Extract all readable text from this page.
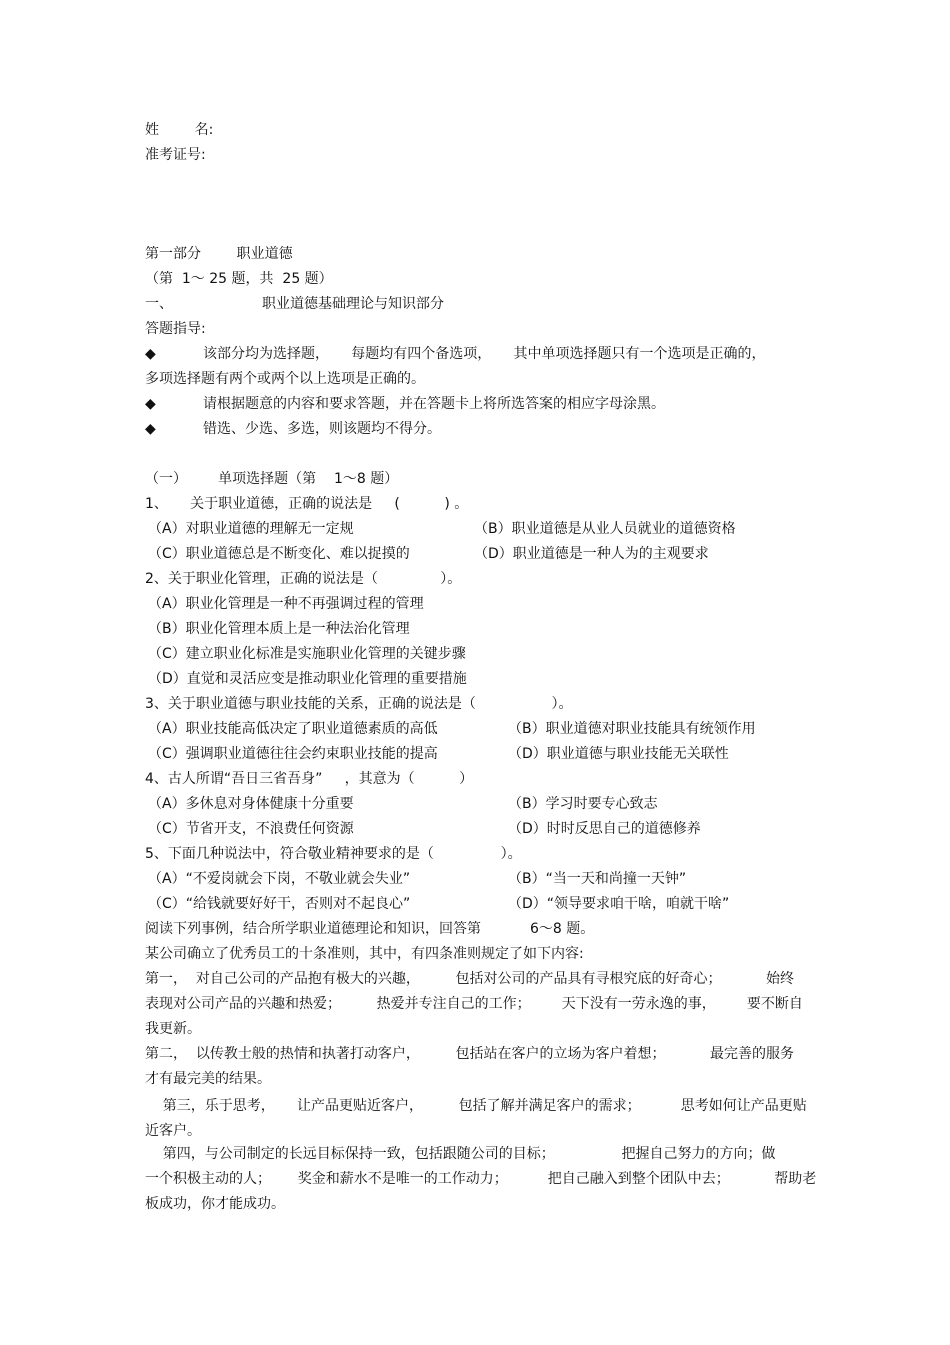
姓        名:
准考证号:
第一部分        职业道德
（第  1～ 25 题，共  25 题）
一、                    职业道德基础理论与知识部分
答题指导:
◆	该部分均为选择题，     每题均有四个备选项，     其中单项选择题只有一个选项是正确的，
多项选择题有两个或两个以上选项是正确的。
◆	请根据题意的内容和要求答题，并在答题卡上将所选答案的相应字母涂黑。
◆	错选、少选、多选，则该题均不得分。
（一）       单项选择题（第    1～8 题）
1、     关于职业道德，正确的说法是     (          ) 。
（A）对职业道德的理解无一定规	（B）职业道德是从业人员就业的道德资格
（C）职业道德总是不断变化、难以捉摸的	（D）职业道德是一种人为的主观要求
2、关于职业化管理，正确的说法是（              ）。
（A）职业化管理是一种不再强调过程的管理
（B）职业化管理本质上是一种法治化管理
（C）建立职业化标准是实施职业化管理的关键步骤
（D）直觉和灵活应变是推动职业化管理的重要措施
3、关于职业道德与职业技能的关系，正确的说法是（                 ）。
（A）职业技能高低决定了职业道德素质的高低	（B）职业道德对职业技能具有统领作用
（C）强调职业道德往往会约束职业技能的提高	（D）职业道德与职业技能无关联性
4、古人所谓“吾日三省吾身”     ，其意为（          ）
（A）多休息对身体健康十分重要	（B）学习时要专心致志
（C）节省开支，不浪费任何资源	（D）时时反思自己的道德修养
5、下面几种说法中，符合敬业精神要求的是（               ）。
（A）“不爱岗就会下岗，不敬业就会失业”	（B）“当一天和尚撞一天钟”
（C）“给钱就要好好干，否则对不起良心”	（D）“领导要求咱干啥，咱就干啥”
阅读下列事例，结合所学职业道德理论和知识，回答第           6～8 题。
某公司确立了优秀员工的十条准则，其中，有四条准则规定了如下内容:
第一，  对自己公司的产品抱有极大的兴趣，        包括对公司的产品具有寻根究底的好奇心；          始终
表现对公司产品的兴趣和热爱；        热爱并专注自己的工作；       天下没有一劳永逸的事，       要不断自
我更新。
第二，  以传教士般的热情和执著打动客户，        包括站在客户的立场为客户着想；          最完善的服务
才有最完美的结果。
第三，乐于思考，     让产品更贴近客户，        包括了解并满足客户的需求；         思考如何让产品更贴
近客户。
第四，与公司制定的长远目标保持一致，包括跟随公司的目标；               把握自己努力的方向；做
一个积极主动的人；      奖金和薪水不是唯一的工作动力；         把自己融入到整个团队中去；          帮助老
板成功，你才能成功。
